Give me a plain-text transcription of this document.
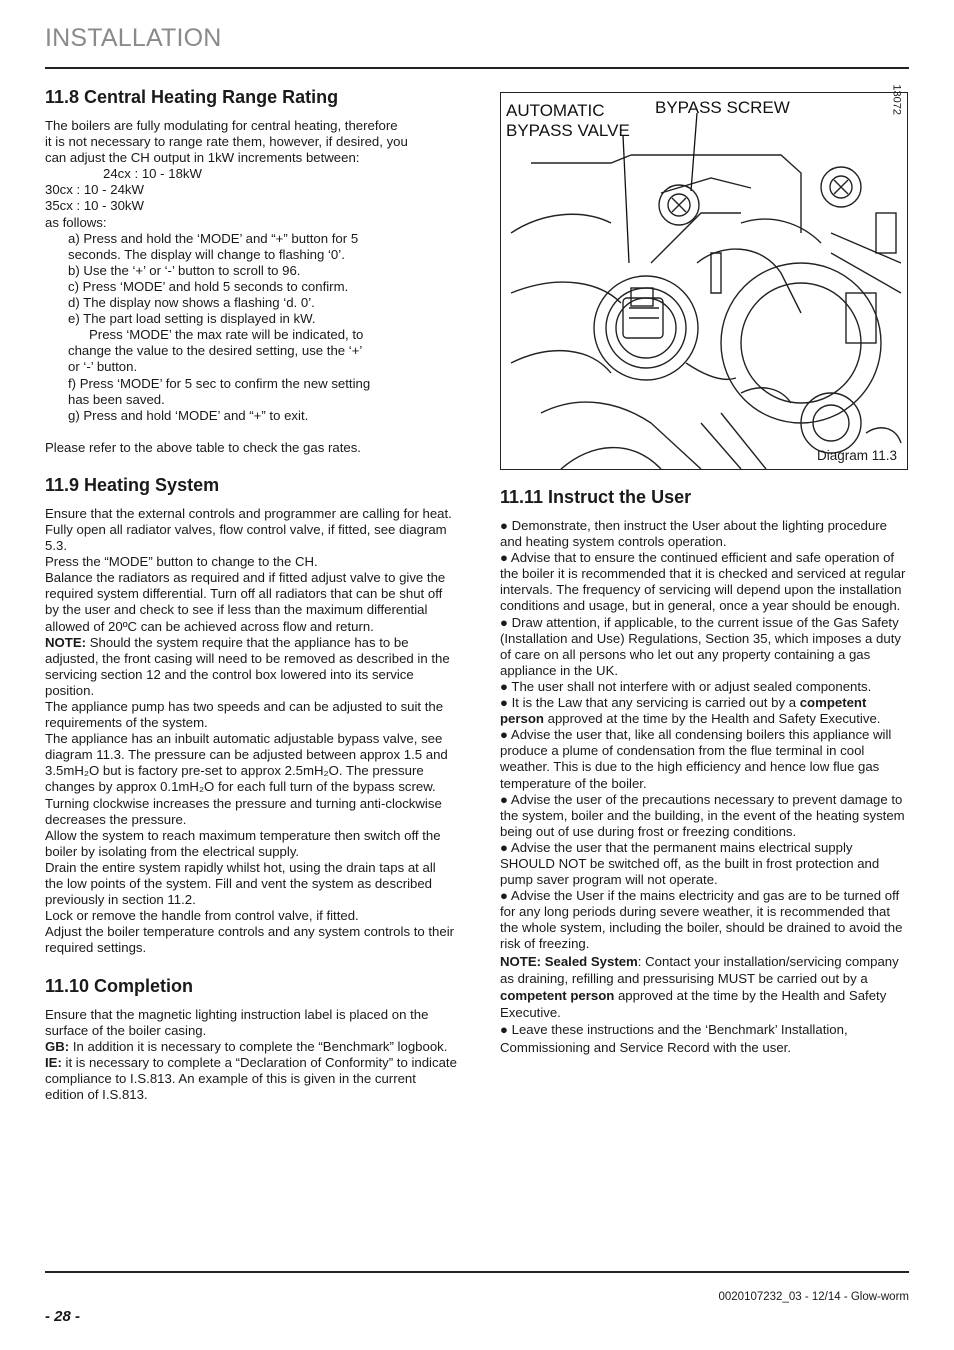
INSTALLATION
11.8 Central Heating Range Rating

The boilers are fully modulating for central heating, therefore

it is not necessary to range rate them, however, if desired, you

can adjust the CH output in 1kW increments between:

24cx : 10 - 18kW

30cx : 10 - 24kW

35cx : 10 - 30kW

as follows:

a) Press and hold the ‘MODE’ and “+” button for 5

seconds. The display will change to flashing ‘0’.

b) Use the ‘+’ or ‘-’ button to scroll to 96.

c) Press ‘MODE’ and hold 5 seconds to confirm.

d) The display now shows a flashing ‘d. 0’.

e) The part load setting is displayed in kW.

Press ‘MODE’ the max rate will be indicated, to

change the value to the desired setting, use the ‘+’

or ‘-’ button.

f) Press ‘MODE’ for 5 sec to confirm the new setting

has been saved.

g) Press and hold ‘MODE’ and “+” to exit.

Please refer to the above table to check the gas rates.

11.9 Heating System

Ensure that the external controls and programmer are calling for heat.

Fully open all radiator valves, flow control valve, if fitted, see diagram 5.3.

Press the “MODE” button to change to the CH.

Balance the radiators as required and if fitted adjust valve to give the required system differential. Turn off all radiators that can be shut off by the user and check to see if less than the maximum differential allowed of 20ºC can be achieved across flow and return.

NOTE: Should the system require that the appliance has to be adjusted, the front casing will need to be removed as described in the servicing section 12 and the control box lowered into its service position.

The appliance pump has two speeds and can be adjusted to suit the requirements of the system.

The appliance has an inbuilt automatic adjustable bypass valve, see diagram 11.3. The pressure can be adjusted between approx 1.5 and 3.5mH₂O but is factory pre-set to approx 2.5mH₂O. The pressure changes by approx 0.1mH₂O for each full turn of the bypass screw. Turning clockwise increases the pressure and turning anti-clockwise decreases the pressure.

Allow the system to reach maximum temperature then switch off the boiler by isolating from the electrical supply.

Drain the entire system rapidly whilst hot, using the drain taps at all the low points of the system. Fill and vent the system as described previously in section 11.2.

Lock or remove the handle from control valve, if fitted.

Adjust the boiler temperature controls and any system controls to their required settings.

11.10 Completion

Ensure that the magnetic lighting instruction label is placed on the surface of the boiler casing.

GB: In addition it is necessary to complete the “Benchmark” logbook.

IE: it is necessary to complete a “Declaration of Conformity” to indicate compliance to I.S.813. An example of this is given in the current edition of I.S.813.

AUTOMATIC
BYPASS VALVE
BYPASS SCREW	13072
Diagram 11.3
11.11 Instruct the User

● Demonstrate, then instruct the User about the lighting procedure and heating system controls operation.

● Advise that to ensure the continued efficient and safe operation of the boiler it is recommended that it is checked and serviced at regular intervals. The frequency of servicing will depend upon the installation conditions and usage, but in general, once a year should be enough.

● Draw attention, if applicable, to the current issue of the Gas Safety (Installation and Use) Regulations, Section 35, which imposes a duty of care on all persons who let out any property containing a gas appliance in the UK.

● The user shall not interfere with or adjust sealed components.

● It is the Law that any servicing is carried out by a competent person approved at the time by the Health and Safety Executive.

● Advise the user that, like all condensing boilers this appliance will produce a plume of condensation from the flue terminal in cool weather. This is due to the high efficiency and hence low flue gas temperature of the boiler.

● Advise the user of the precautions necessary to prevent damage to the system, boiler and the building, in the event of the heating system being out of use during frost or freezing conditions.

● Advise the user that the permanent mains electrical supply SHOULD NOT be switched off, as the built in frost protection and pump saver program will not operate.

● Advise the User if the mains electricity and gas are to be turned off for any long periods during severe weather, it is recommended that the whole system, including the boiler, should be drained to avoid the risk of freezing.

NOTE: Sealed System: Contact your installation/servicing company as draining, refilling and pressurising MUST be carried out by a competent person approved at the time by the Health and Safety Executive.

● Leave these instructions and the ‘Benchmark’ Installation, Commissioning and Service Record with the user.

0020107232_03 - 12/14 - Glow-worm
- 28 -
